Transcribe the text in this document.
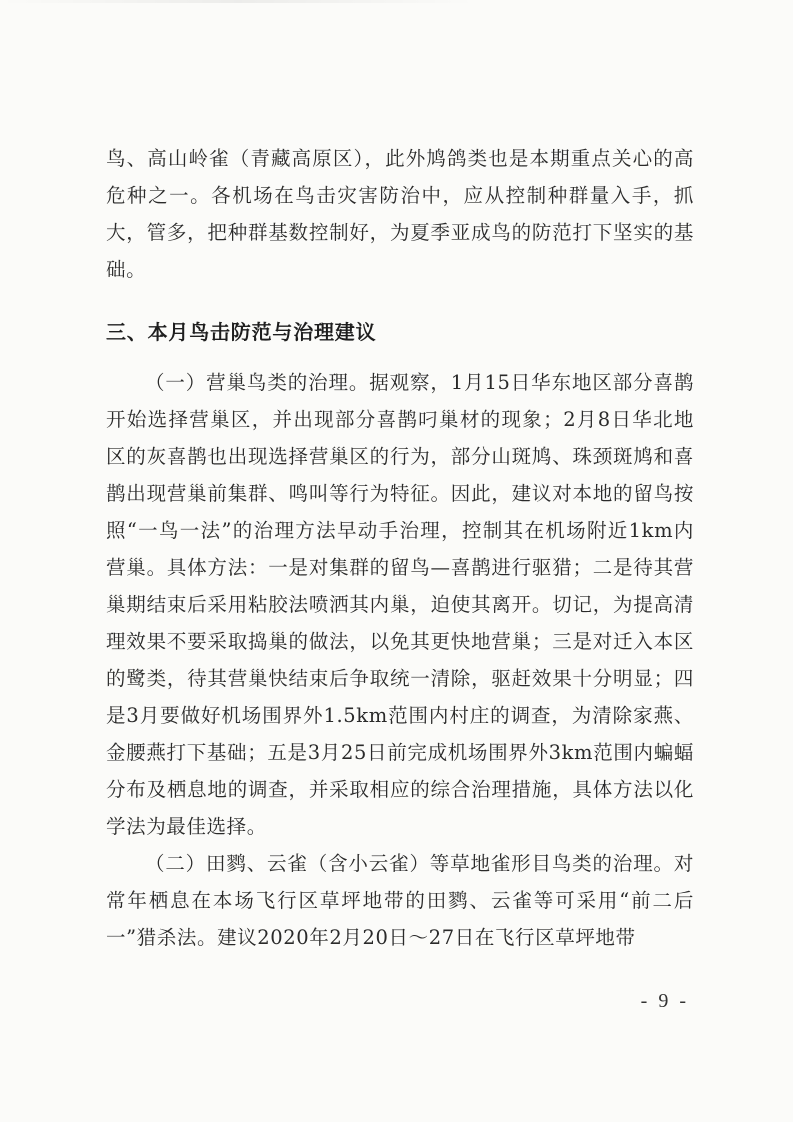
鸟、高山岭雀（青藏高原区），此外鸠鸽类也是本期重点关心的高危种之一。各机场在鸟击灾害防治中，应从控制种群量入手，抓大，管多，把种群基数控制好，为夏季亚成鸟的防范打下坚实的基础。

三、本月鸟击防范与治理建议

（一）营巢鸟类的治理。据观察，1月15日华东地区部分喜鹊开始选择营巢区，并出现部分喜鹊叼巢材的现象；2月8日华北地区的灰喜鹊也出现选择营巢区的行为，部分山斑鸠、珠颈斑鸠和喜鹊出现营巢前集群、鸣叫等行为特征。因此，建议对本地的留鸟按照“一鸟一法”的治理方法早动手治理，控制其在机场附近1km内营巢。具体方法：一是对集群的留鸟—喜鹊进行驱猎；二是待其营巢期结束后采用粘胶法喷洒其内巢，迫使其离开。切记，为提高清理效果不要采取捣巢的做法，以免其更快地营巢；三是对迁入本区的鹭类，待其营巢快结束后争取统一清除，驱赶效果十分明显；四是3月要做好机场围界外1.5km范围内村庄的调查，为清除家燕、金腰燕打下基础；五是3月25日前完成机场围界外3km范围内蝙蝠分布及栖息地的调查，并采取相应的综合治理措施，具体方法以化学法为最佳选择。

（二）田鹨、云雀（含小云雀）等草地雀形目鸟类的治理。对常年栖息在本场飞行区草坪地带的田鹨、云雀等可采用“前二后一”猎杀法。建议2020年2月20日～27日在飞行区草坪地带

- 9 -
